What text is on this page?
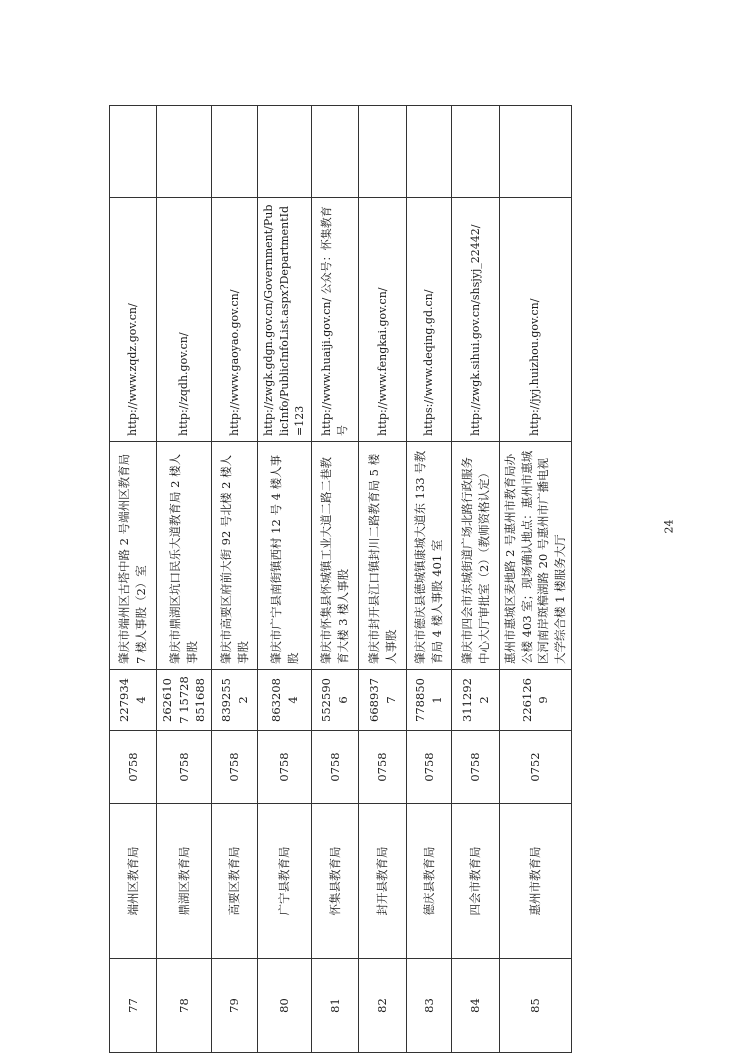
77	端州区教育局	0758	2279344	肇庆市端州区古塔中路 2 号端州区教育局 7 楼人事股（2）室	http://www.zqdz.gov.cn/	
78	鼎湖区教育局	0758	2626107 15728851688	肇庆市鼎湖区坑口民乐大道教育局 2 楼人事股	http://zqdh.gov.cn/	
79	高要区教育局	0758	8392552	肇庆市高要区府前大街 92 号北楼 2 楼人事股	http://www.gaoyao.gov.cn/	
80	广宁县教育局	0758	8632084	肇庆市广宁县南街镇西村 12 号 4 楼人事股	http://zwgk.gdgn.gov.cn/Government/PublicInfo/PublicInfoList.aspx?DepartmentId=123	
81	怀集县教育局	0758	5525906	肇庆市怀集县怀城镇工业大道二路二巷教育大楼 3 楼人事股	http://www.huaiji.gov.cn/ 公众号：怀集教育号	
82	封开县教育局	0758	6689377	肇庆市封开县江口镇封川二路教育局 5 楼人事股	http://www.fengkai.gov.cn/	
83	德庆县教育局	0758	7788501	肇庆市德庆县德城镇康城大道东 133 号教育局 4 楼人事股 401 室	https://www.deqing.gd.cn/	
84	四会市教育局	0758	3112922	肇庆市四会市东城街道广场北路行政服务中心大厅审批室（2）（教师资格认定）	http://zwgk.sihui.gov.cn/shsjyj_22442/	
85	惠州市教育局	0752	2261269	惠州市惠城区麦地路 2 号惠州市教育局办公楼 403 室；现场确认地点：惠州市惠城区河南岸斑樟湖路 20 号惠州市广播电视大学综合楼 1 楼服务大厅	http://jyj.huizhou.gov.cn/	
24
